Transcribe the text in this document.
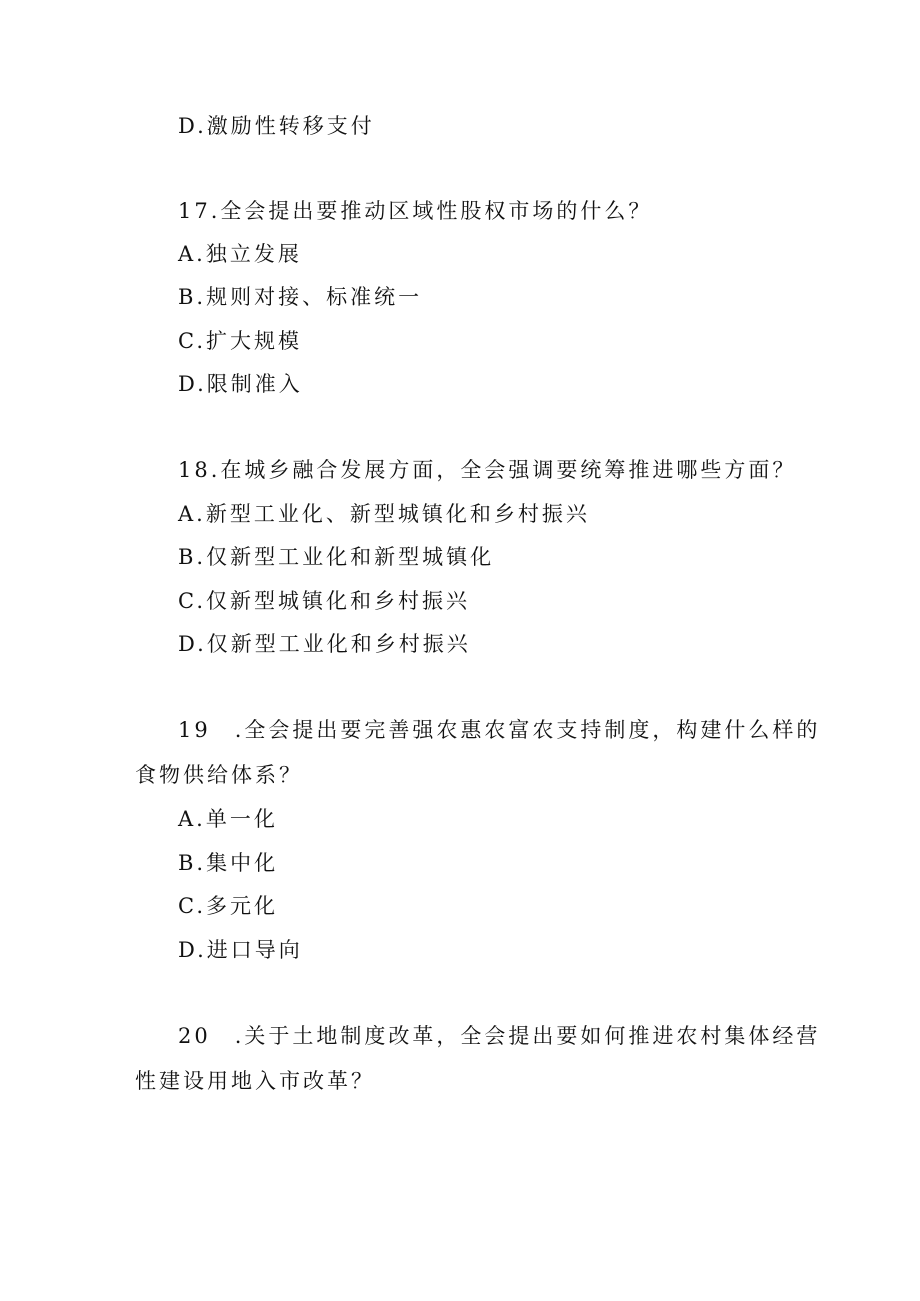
D.激励性转移支付

17.全会提出要推动区域性股权市场的什么？

A.独立发展

B.规则对接、标准统一

C.扩大规模

D.限制准入

18.在城乡融合发展方面，全会强调要统筹推进哪些方面？

A.新型工业化、新型城镇化和乡村振兴

B.仅新型工业化和新型城镇化

C.仅新型城镇化和乡村振兴

D.仅新型工业化和乡村振兴

19　.全会提出要完善强农惠农富农支持制度，构建什么样的

食物供给体系？

A.单一化

B.集中化

C.多元化

D.进口导向

20　.关于土地制度改革，全会提出要如何推进农村集体经营

性建设用地入市改革？
